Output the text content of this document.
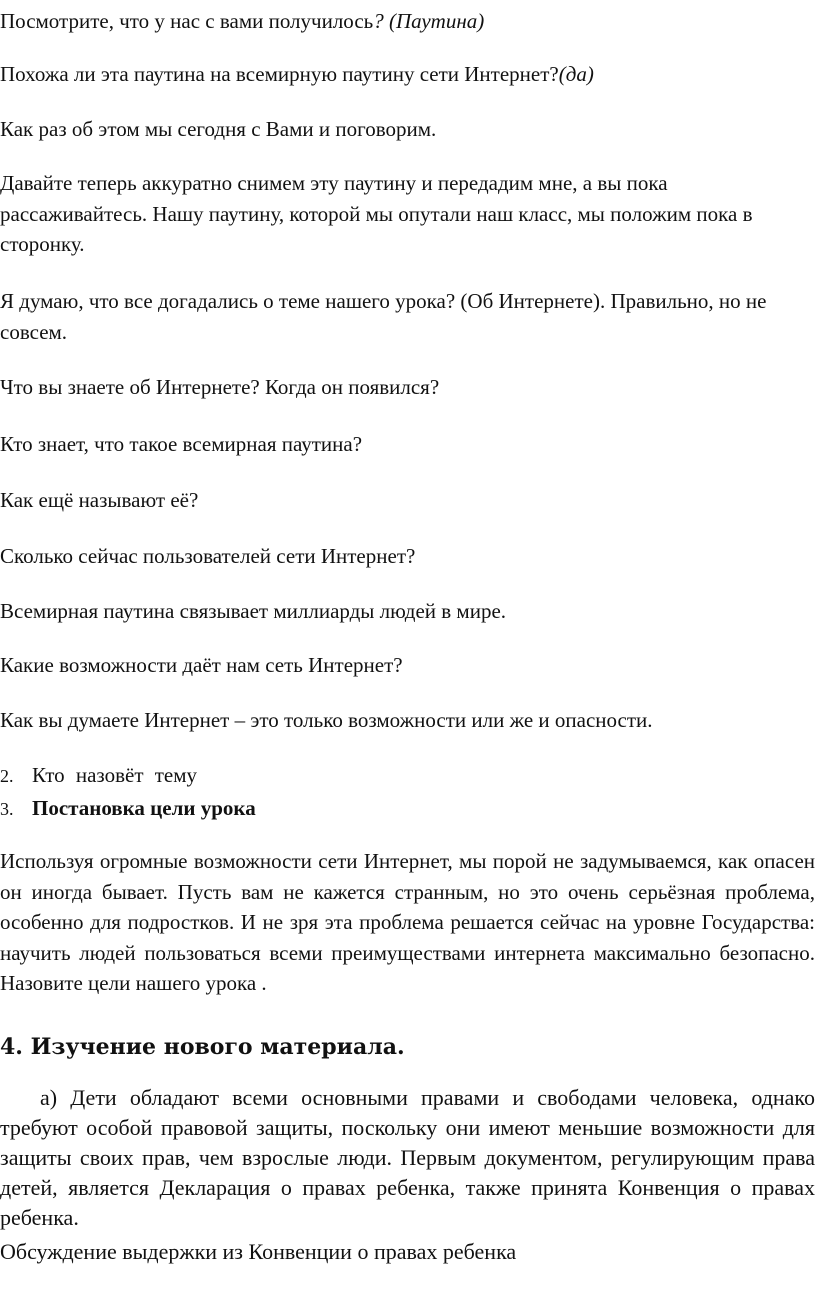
Посмотрите, что у нас с вами получилось? (Паутина)
Похожа ли эта паутина на всемирную паутину сети Интернет?(да)
Как раз об этом мы сегодня с Вами и поговорим.
Давайте теперь аккуратно снимем эту паутину и передадим мне, а вы пока рассаживайтесь. Нашу паутину, которой мы опутали наш класс, мы положим пока в сторонку.
Я думаю, что все догадались о теме нашего урока? (Об Интернете). Правильно, но не совсем.
Что вы знаете об Интернете? Когда он появился?
Кто знает, что такое всемирная паутина?
Как ещё называют её?
Сколько сейчас пользователей сети Интернет?
Всемирная паутина связывает миллиарды людей в мире.
Какие возможности даёт нам сеть Интернет?
Как вы думаете Интернет – это только возможности или же и опасности.
2. Кто назовёт тему
3. Постановка цели урока
Используя огромные возможности сети Интернет, мы порой не задумываемся, как опасен он иногда бывает. Пусть вам не кажется странным, но это очень серьёзная проблема, особенно для подростков. И не зря эта проблема решается сейчас на уровне Государства: научить людей пользоваться всеми преимуществами интернета максимально безопасно. Назовите цели нашего урока .
4. Изучение нового материала.
а) Дети обладают всеми основными правами и свободами человека, однако требуют особой правовой защиты, поскольку они имеют меньшие возможности для защиты своих прав, чем взрослые люди. Первым документом, регулирующим права детей, является Декларация о правах ребенка, также принята Конвенция о правах ребенка.
Обсуждение выдержки из Конвенции о правах ребенка
